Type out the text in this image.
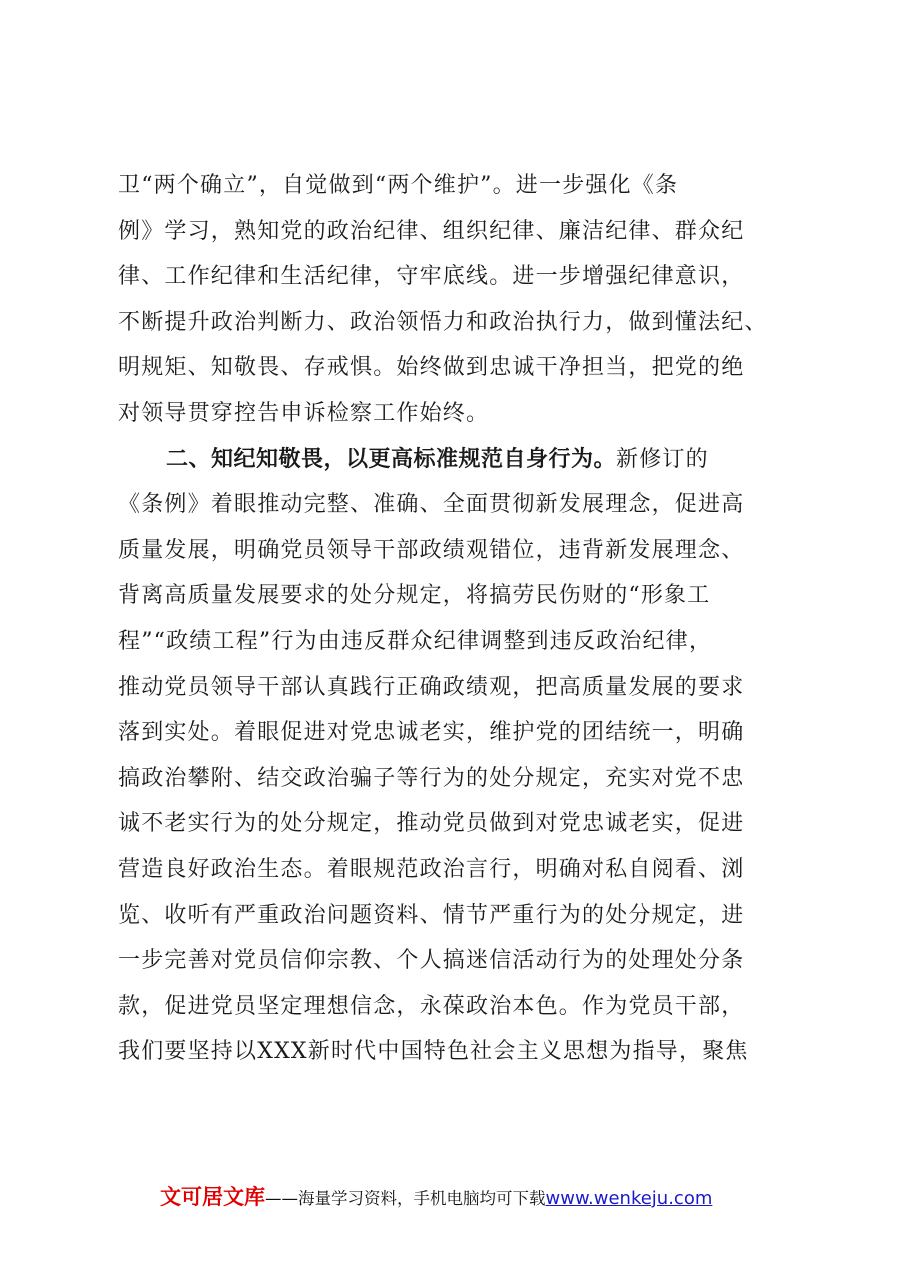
卫“两个确立”，自觉做到“两个维护”。进一步强化《条
例》学习，熟知党的政治纪律、组织纪律、廉洁纪律、群众纪
律、工作纪律和生活纪律，守牢底线。进一步增强纪律意识，
不断提升政治判断力、政治领悟力和政治执行力，做到懂法纪、
明规矩、知敬畏、存戒惧。始终做到忠诚干净担当，把党的绝
对领导贯穿控告申诉检察工作始终。
二、知纪知敬畏，以更高标准规范自身行为。新修订的
《条例》着眼推动完整、准确、全面贯彻新发展理念，促进高
质量发展，明确党员领导干部政绩观错位，违背新发展理念、
背离高质量发展要求的处分规定，将搞劳民伤财的“形象工
程”“政绩工程”行为由违反群众纪律调整到违反政治纪律，
推动党员领导干部认真践行正确政绩观，把高质量发展的要求
落到实处。着眼促进对党忠诚老实，维护党的团结统一，明确
搞政治攀附、结交政治骗子等行为的处分规定，充实对党不忠
诚不老实行为的处分规定，推动党员做到对党忠诚老实，促进
营造良好政治生态。着眼规范政治言行，明确对私自阅看、浏
览、收听有严重政治问题资料、情节严重行为的处分规定，进
一步完善对党员信仰宗教、个人搞迷信活动行为的处理处分条
款，促进党员坚定理想信念，永葆政治本色。作为党员干部，
我们要坚持以XXX新时代中国特色社会主义思想为指导，聚焦
文可居文库——海量学习资料，手机电脑均可下载www.wenkeju.com
